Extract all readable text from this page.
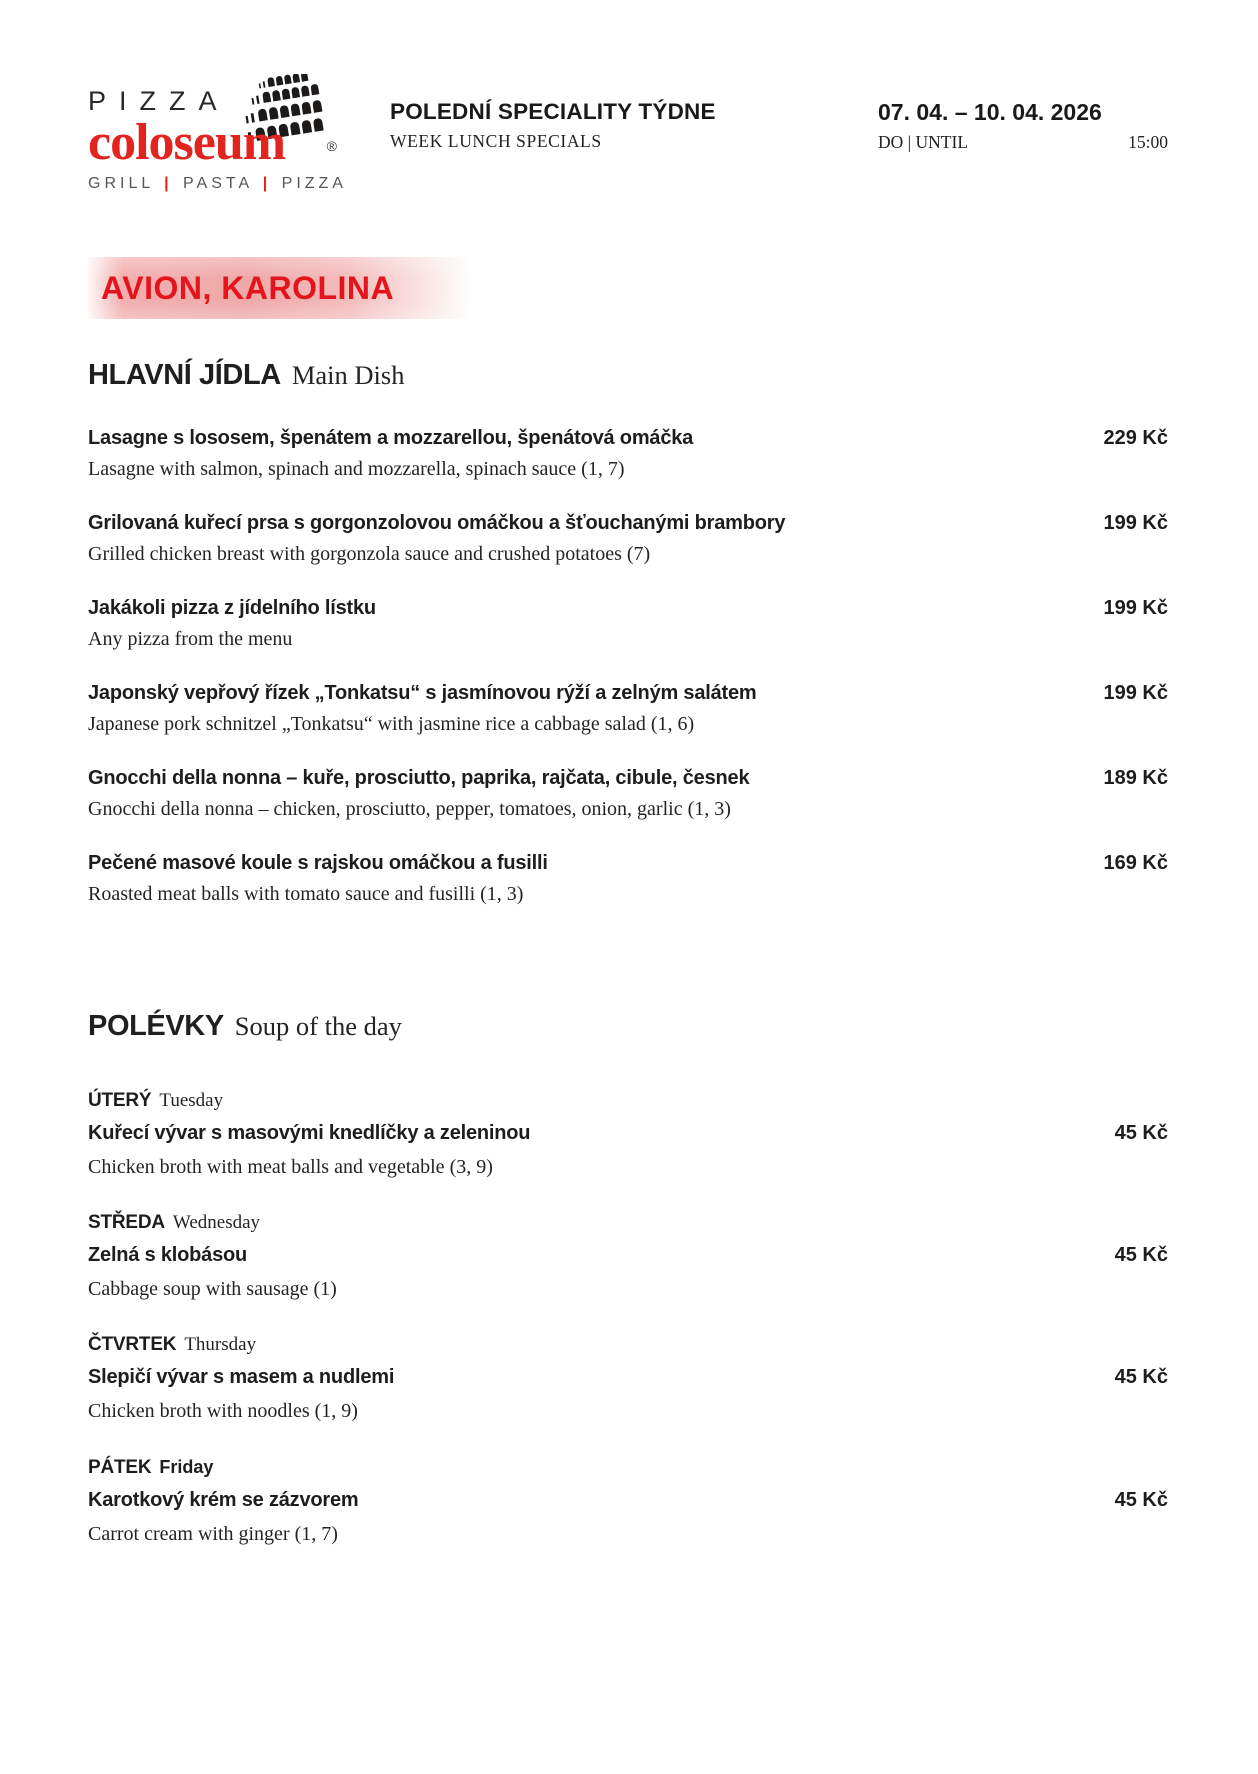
PIZZA
coloseum	®
GRILL | PASTA | PIZZA
POLEDNÍ SPECIALITY TÝDNE
WEEK LUNCH SPECIALS
07. 04. – 10. 04. 2026
DO | UNTIL	15:00
AVION, KAROLINA
HLAVNÍ JÍDLA Main Dish
Lasagne s lososem, špenátem a mozzarellou, špenátová omáčka	229 Kč
Lasagne with salmon, spinach and mozzarella, spinach sauce (1, 7)
Grilovaná kuřecí prsa s gorgonzolovou omáčkou a šťouchanými brambory	199 Kč
Grilled chicken breast with gorgonzola sauce and crushed potatoes (7)
Jakákoli pizza z jídelního lístku	199 Kč
Any pizza from the menu
Japonský vepřový řízek „Tonkatsu“ s jasmínovou rýží a zelným salátem	199 Kč
Japanese pork schnitzel „Tonkatsu“ with jasmine rice a cabbage salad (1, 6)
Gnocchi della nonna – kuře, prosciutto, paprika, rajčata, cibule, česnek	189 Kč
Gnocchi della nonna – chicken, prosciutto, pepper, tomatoes, onion, garlic (1, 3)
Pečené masové koule s rajskou omáčkou a fusilli	169 Kč
Roasted meat balls with tomato sauce and fusilli (1, 3)
POLÉVKY Soup of the day
ÚTERÝ Tuesday
Kuřecí vývar s masovými knedlíčky a zeleninou	45 Kč
Chicken broth with meat balls and vegetable (3, 9)
STŘEDA Wednesday
Zelná s klobásou	45 Kč
Cabbage soup with sausage (1)
ČTVRTEK Thursday
Slepičí vývar s masem a nudlemi	45 Kč
Chicken broth with noodles (1, 9)
PÁTEK Friday
Karotkový krém se zázvorem	45 Kč
Carrot cream with ginger (1, 7)
